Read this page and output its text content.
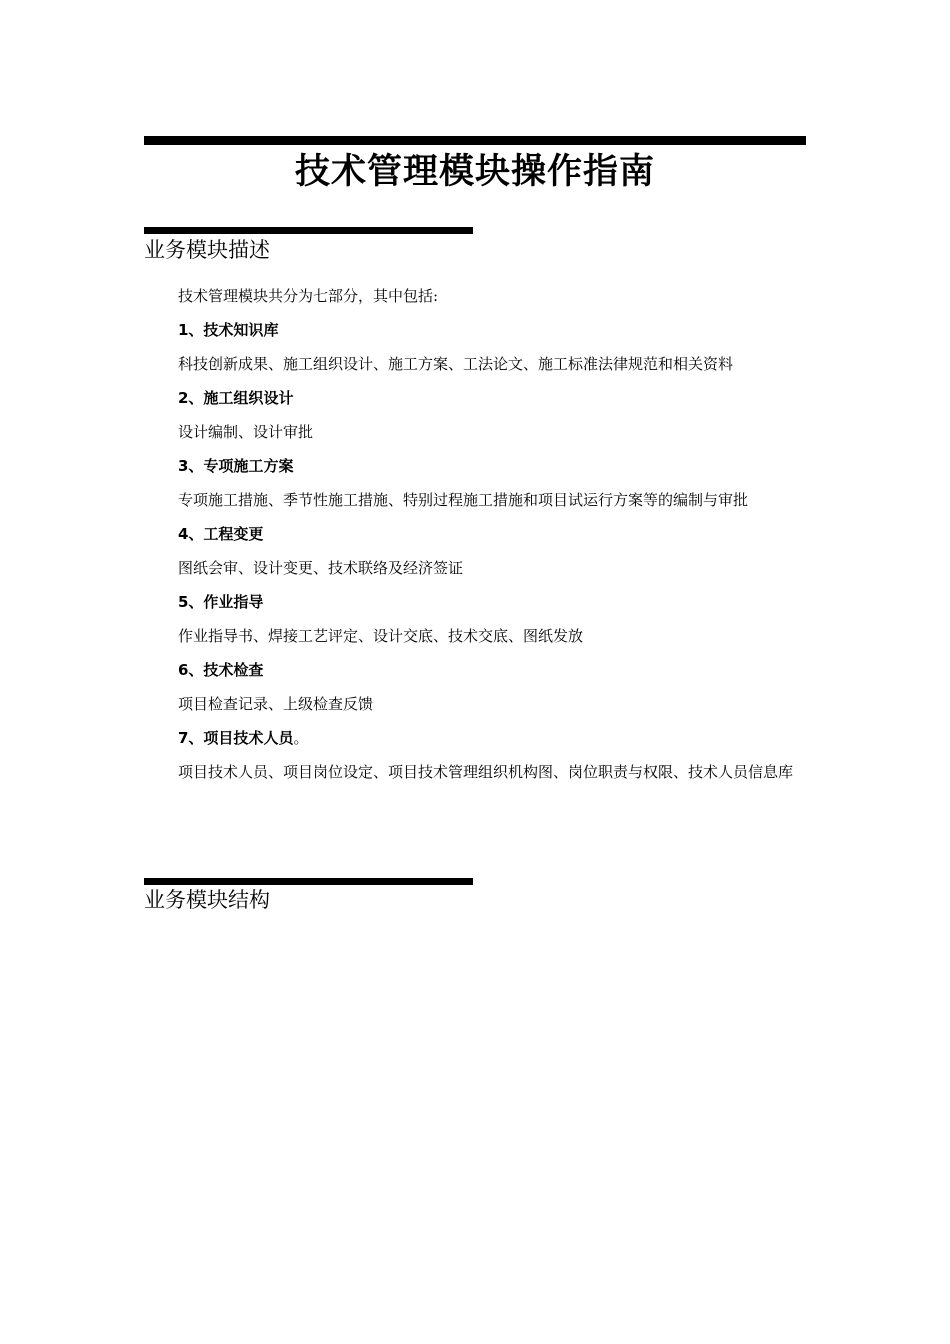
技术管理模块操作指南
业务模块描述

技术管理模块共分为七部分，其中包括:

1、技术知识库

科技创新成果、施工组织设计、施工方案、工法论文、施工标准法律规范和相关资料

2、施工组织设计

设计编制、设计审批

3、专项施工方案

专项施工措施、季节性施工措施、特别过程施工措施和项目试运行方案等的编制与审批

4、工程变更

图纸会审、设计变更、技术联络及经济签证

5、作业指导

作业指导书、焊接工艺评定、设计交底、技术交底、图纸发放

6、技术检查

项目检查记录、上级检查反馈

7、项目技术人员。

项目技术人员、项目岗位设定、项目技术管理组织机构图、岗位职责与权限、技术人员信息库

业务模块结构
